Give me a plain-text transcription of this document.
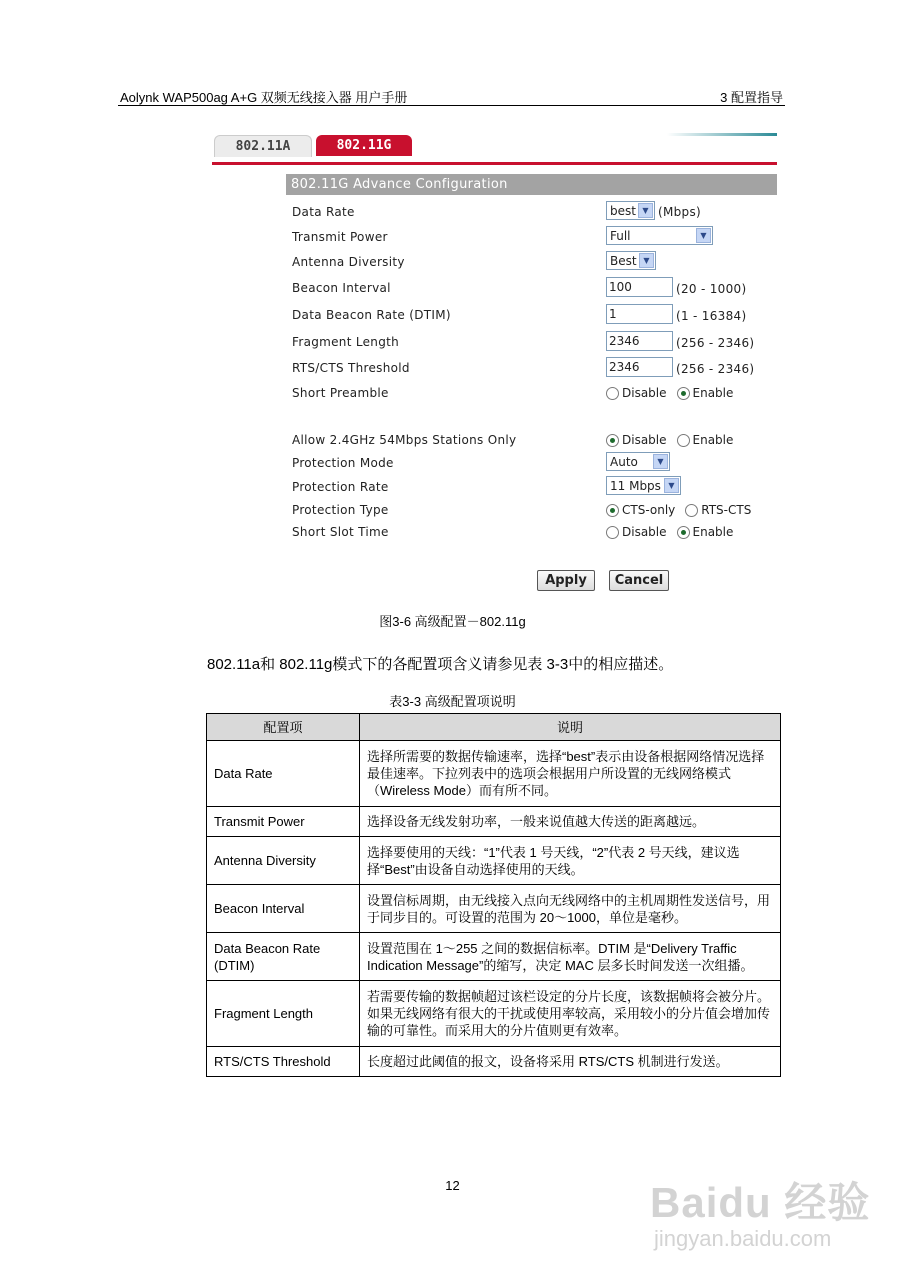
Aolynk WAP500ag A+G 双频无线接入器 用户手册	3 配置指导
802.11A	802.11G
802.11G Advance Configuration
Data Rate	best ▼ (Mbps)
Transmit Power	Full	▼
Antenna Diversity	Best ▼
Beacon Interval	100	(20 - 1000)
Data Beacon Rate (DTIM)	1	(1 - 16384)
Fragment Length	2346	(256 - 2346)
RTS/CTS Threshold	2346	(256 - 2346)
Short Preamble	Disable Enable
Allow 2.4GHz 54Mbps Stations Only	Disable Enable
Protection Mode	Auto	▼
Protection Rate	11 Mbps ▼
Protection Type	CTS-only RTS-CTS
Short Slot Time	Disable Enable
Apply	Cancel
图3-6 高级配置－802.11g
802.11a和 802.11g模式下的各配置项含义请参见表 3-3中的相应描述。
表3-3 高级配置项说明
配置项	说明
Data Rate	选择所需要的数据传输速率，选择“best”表示由设备根据网络情况选择最佳速率。下拉列表中的选项会根据用户所设置的无线网络模式（Wireless Mode）而有所不同。
Transmit Power	选择设备无线发射功率，一般来说值越大传送的距离越远。
Antenna Diversity	选择要使用的天线：“1”代表 1 号天线，“2”代表 2 号天线，建议选择“Best”由设备自动选择使用的天线。
Beacon Interval	设置信标周期，由无线接入点向无线网络中的主机周期性发送信号，用于同步目的。可设置的范围为 20～1000，单位是毫秒。
Data Beacon Rate (DTIM)	设置范围在 1～255 之间的数据信标率。DTIM 是“Delivery Traffic Indication Message”的缩写，决定 MAC 层多长时间发送一次组播。
Fragment Length	若需要传输的数据帧超过该栏设定的分片长度，该数据帧将会被分片。如果无线网络有很大的干扰或使用率较高，采用较小的分片值会增加传输的可靠性。而采用大的分片值则更有效率。
RTS/CTS Threshold	长度超过此阈值的报文，设备将采用 RTS/CTS 机制进行发送。
12	Baidu 经验
jingyan.baidu.com
